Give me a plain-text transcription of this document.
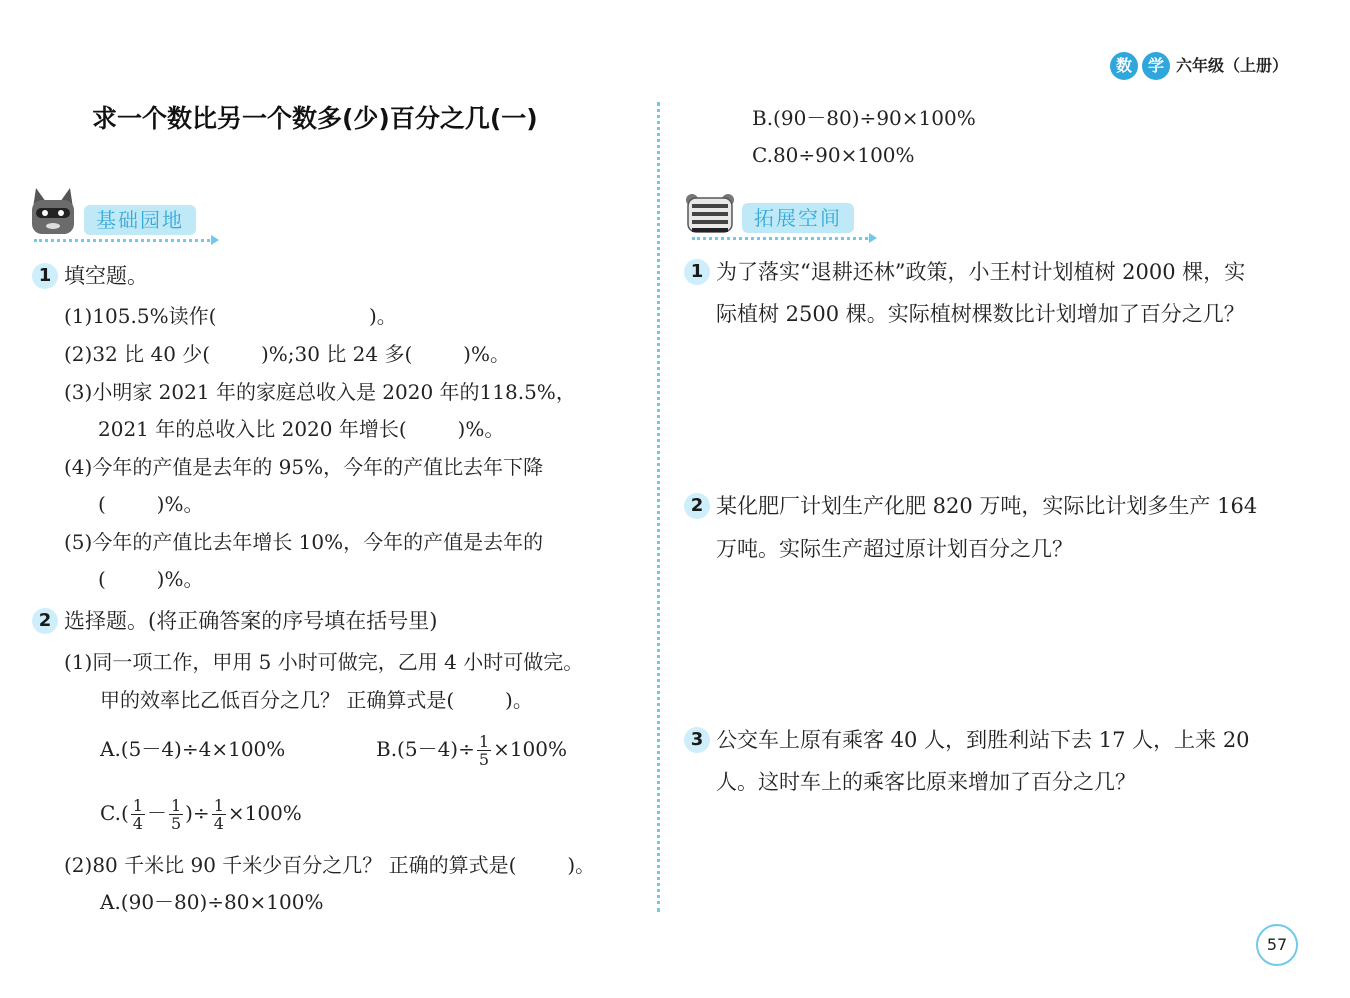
数 学 六年级（上册）
求一个数比另一个数多(少)百分之几(一)
基础园地
1 填空题。
(1)105.5%读作(                        )。
(2)32 比 40 少(        )%;30 比 24 多(        )%。
(3)小明家 2021 年的家庭总收入是 2020 年的118.5%，
2021 年的总收入比 2020 年增长(        )%。
(4)今年的产值是去年的 95%，今年的产值比去年下降
(        )%。
(5)今年的产值比去年增长 10%，今年的产值是去年的
(        )%。
2 选择题。(将正确答案的序号填在括号里)
(1)同一项工作，甲用 5 小时可做完，乙用 4 小时可做完。
甲的效率比乙低百分之几？ 正确算式是(        )。
A.(5－4)÷4×100%	$B.(5-4)\div \frac{1}{5} \times 100\%$
$C.( \frac{1}{4} - \frac{1}{5}$ )÷ $\frac{1}{4} \times 100\%$
(2)80 千米比 90 千米少百分之几？ 正确的算式是(        )。
A.(90－80)÷80×100%
B.(90－80)÷90×100%
C.80÷90×100%
拓展空间
1 为了落实“退耕还林”政策，小王村计划植树 2000 棵，实
际植树 2500 棵。实际植树棵数比计划增加了百分之几？
2 某化肥厂计划生产化肥 820 万吨，实际比计划多生产 164
万吨。实际生产超过原计划百分之几？
3 公交车上原有乘客 40 人，到胜利站下去 17 人，上来 20
人。这时车上的乘客比原来增加了百分之几？
57
